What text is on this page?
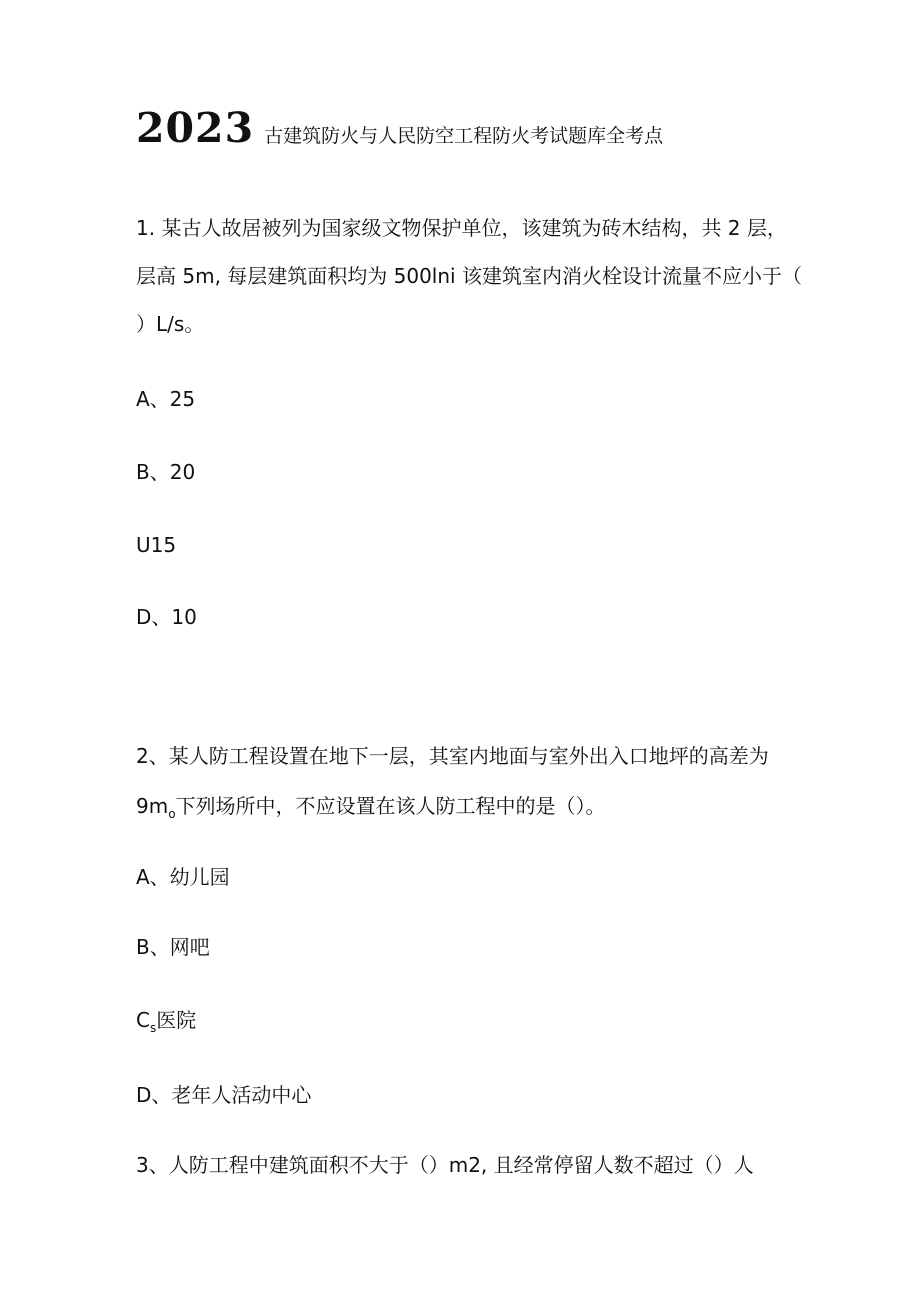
2023 古建筑防火与人民防空工程防火考试题库全考点
1. 某古人故居被列为国家级文物保护单位，该建筑为砖木结构，共 2 层，
层高 5m, 每层建筑面积均为 500lni 该建筑室内消火栓设计流量不应小于（
）L/s。
A、25
B、20
U15
D、10
2、某人防工程设置在地下一层，其室内地面与室外出入口地坪的高差为
$9m_o$下列场所中，不应设置在该人防工程中的是（）。
A、幼儿园
B、网吧
$C_s$医院
D、老年人活动中心
3、人防工程中建筑面积不大于（）m2, 且经常停留人数不超过（）人
